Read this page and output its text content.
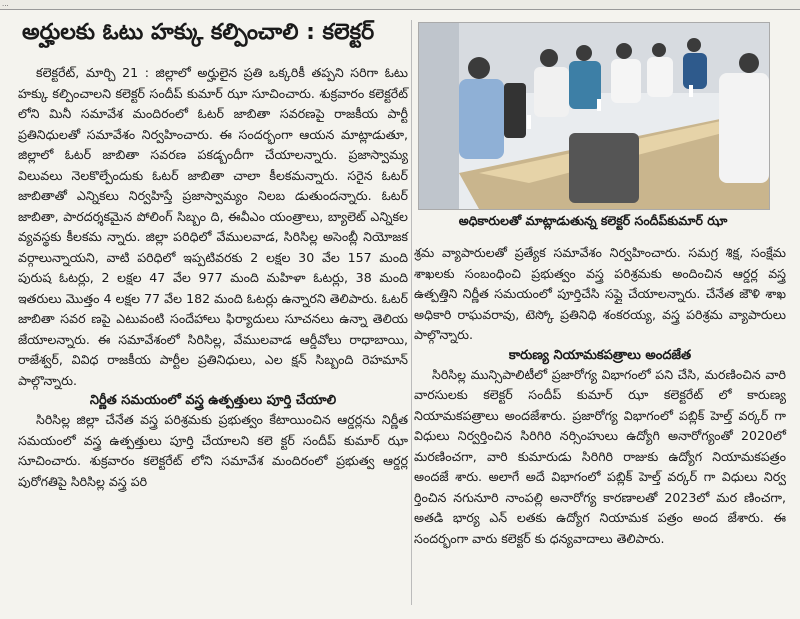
...
అర్హులకు ఓటు హక్కు కల్పించాలి : కలెక్టర్

కలెక్టరేట్, మార్చి 21 : జిల్లాలో అర్హులైన ప్రతి ఒక్కరికీ తప్పని సరిగా ఓటు హక్కు కల్పించాలని కలెక్టర్ సందీప్ కుమార్ ఝా సూచించారు. శుక్రవారం కలెక్టరేట్ లోని మినీ సమావేశ మందిరంలో ఓటర్ జాబితా సవరణపై రాజకీయ పార్టీ ప్రతినిధులతో సమావేశం నిర్వహించారు. ఈ సందర్భంగా ఆయన మాట్లాడుతూ, జిల్లాలో ఓటర్ జాబితా సవరణ పకడ్బందీగా చేయాలన్నారు. ప్రజాస్వామ్య విలువలు నెలకొల్పేందుకు ఓటర్ జాబితా చాలా కీలకమన్నారు. సరైన ఓటర్ జాబితాతో ఎన్నికలు నిర్వహిస్తే ప్రజాస్వామ్యం నిలబ డుతుందన్నారు. ఓటర్ జాబితా, పారదర్శకమైన పోలింగ్ సిబ్బం ది, ఈవీఎం యంత్రాలు, బ్యాలెట్ ఎన్నికల వ్యవస్థకు కీలకమ న్నారు. జిల్లా పరిధిలో వేములవాడ, సిరిసిల్ల అసెంబ్లీ నియోజక వర్గాలున్నాయని, వాటి పరిధిలో ఇప్పటివరకు 2 లక్షల 30 వేల 157 మంది పురుష ఓటర్లు, 2 లక్షల 47 వేల 977 మంది మహిళా ఓటర్లు, 38 మంది ఇతరులు మొత్తం 4 లక్షల 77 వేల 182 మంది ఓటర్లు ఉన్నారని తెలిపారు. ఓటర్ జాబితా సవర ణపై ఎటువంటి సందేహాలు ఫిర్యాదులు సూచనలు ఉన్నా తెలియ జేయాలన్నారు. ఈ సమావేశంలో సిరిసిల్ల, వేములవాడ ఆర్డీవోలు రాధాబాయి, రాజేశ్వర్, వివిధ రాజకీయ పార్టీల ప్రతినిధులు, ఎల క్షన్ సిబ్బంది రెహమాన్ పాల్గొన్నారు.

నిర్ణీత సమయంలో వస్త్ర ఉత్పత్తులు పూర్తి చేయాలి

సిరిసిల్ల జిల్లా చేనేత వస్త్ర పరిశ్రమకు ప్రభుత్వం కేటాయించిన ఆర్డర్లను నిర్ణీత సమయంలో వస్త్ర ఉత్పత్తులు పూర్తి చేయాలని కలె క్టర్ సందీప్ కుమార్ ఝా సూచించారు. శుక్రవారం కలెక్టరేట్ లోని సమావేశ మందిరంలో ప్రభుత్వ ఆర్డర్ల పురోగతిపై సిరిసిల్ల వస్త్ర పరి

అధికారులతో మాట్లాడుతున్న కలెక్టర్ సందీప్‌కుమార్ ఝా

శ్రమ వ్యాపారులతో ప్రత్యేక సమావేశం నిర్వహించారు. సమగ్ర శిక్ష, సంక్షేమ శాఖలకు సంబంధించి ప్రభుత్వం వస్త్ర పరిశ్రమకు అందించిన ఆర్డర్ల వస్త్ర ఉత్పత్తిని నిర్ణీత సమయంలో పూర్తిచేసి సప్లై చేయాలన్నారు. చేనేత జౌళి శాఖ అధికారి రాఘవరావు, టెస్కో ప్రతినిధి శంకరయ్య, వస్త్ర పరిశ్రమ వ్యాపారులు పాల్గొన్నారు.

కారుణ్య నియామకపత్రాలు అందజేత

సిరిసిల్ల మున్సిపాలిటీలో ప్రజారోగ్య విభాగంలో పని చేసి, మరణించిన వారి వారసులకు కలెక్టర్ సందీప్ కుమార్ ఝా కలెక్టరేట్ లో కారుణ్య నియామకపత్రాలు అందజేశారు. ప్రజారోగ్య విభాగంలో పబ్లిక్ హెల్త్ వర్కర్ గా విధులు నిర్వర్తించిన సిరిగిరి నర్సింహులు ఉద్యోగి అనారోగ్యంతో 2020లో మరణించగా, వారి కుమారుడు సిరిగిరి రాజుకు ఉద్యోగ నియామకపత్రం అందజే శారు. అలాగే అదే విభాగంలో పబ్లిక్ హెల్త్ వర్కర్ గా విధులు నిర్వ ర్తించిన నగునూరి నాంపల్లి అనారోగ్య కారణాలతో 2023లో మర ణించగా, అతడి భార్య ఎన్ లతకు ఉద్యోగ నియామక పత్రం అంద జేశారు. ఈ సందర్భంగా వారు కలెక్టర్ కు ధన్యవాదాలు తెలిపారు.
